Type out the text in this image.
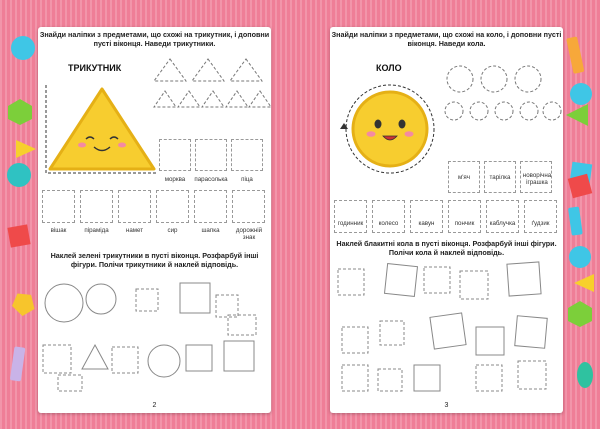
Знайди наліпки з предметами, що схожі на трикутник, і доповни пусті віконця. Наведи трикутники.

ТРИКУТНИК
морква	парасолька	піца
вішак	піраміда	намет	сир	шапка	дорожній знак

Наклей зелені трикутники в пусті віконця. Розфарбуй інші фігури. Полічи трикутники й наклей відповідь.

2

Знайди наліпки з предметами, що схожі на коло, і доповни пусті віконця. Наведи кола.

КОЛО
м'яч	тарілка	новорічна іграшка
годинник	колесо	кавун	пончик	каблучка	ґудзик

Наклей блакитні кола в пусті віконця. Розфарбуй інші фігури. Полічи кола й наклей відповідь.

3
